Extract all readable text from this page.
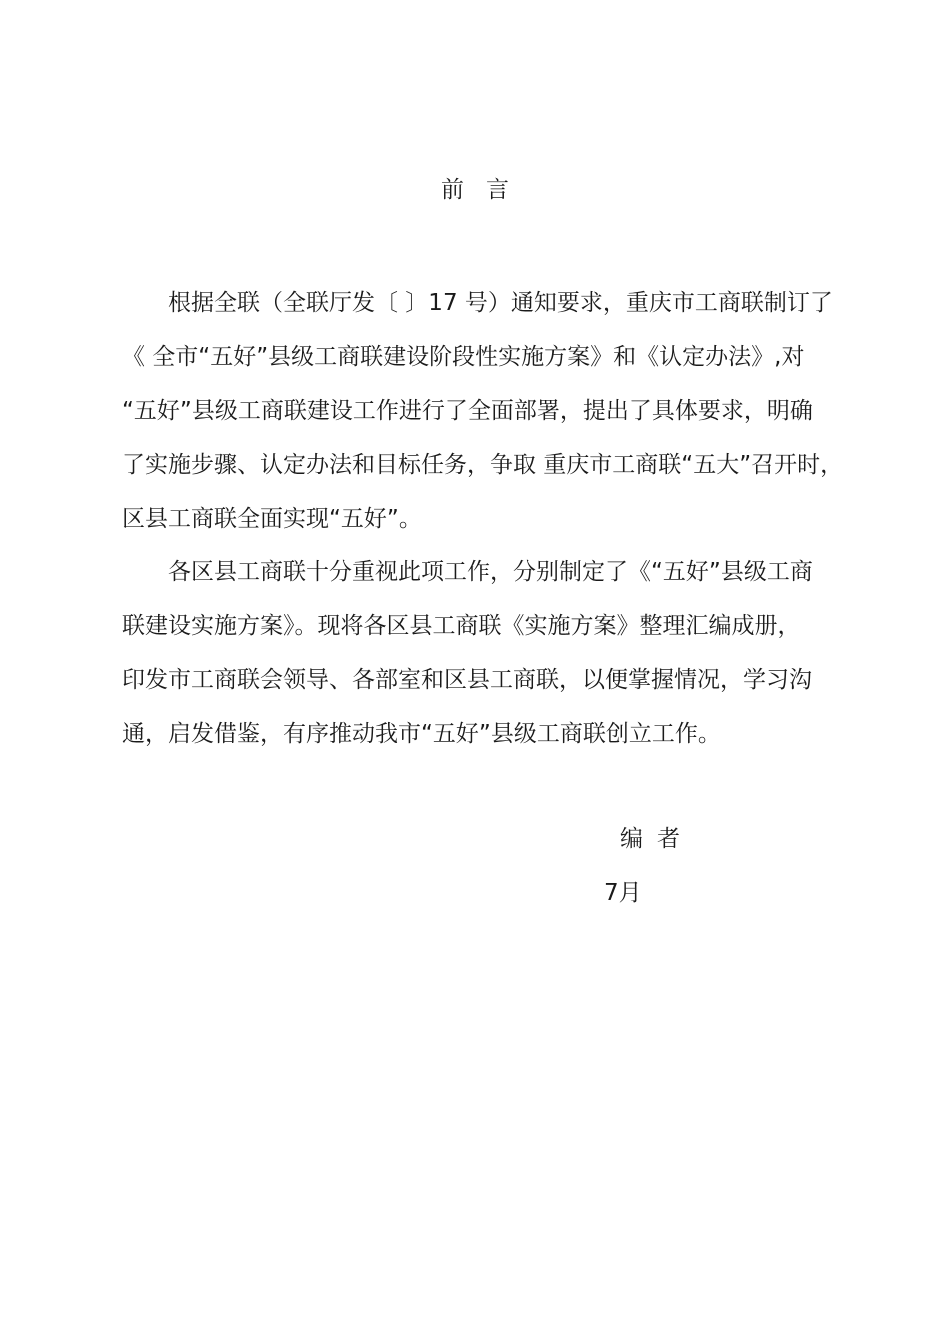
前言
根据全联（全联厅发〔 〕17 号）通知要求，重庆市工商联制订了
《 全市“五好”县级工商联建设阶段性实施方案》和《认定办法》,对
“五好”县级工商联建设工作进行了全面部署，提出了具体要求，明确
了实施步骤、认定办法和目标任务，争取 重庆市工商联“五大”召开时，
区县工商联全面实现“五好”。
各区县工商联十分重视此项工作，分别制定了《“五好”县级工商
联建设实施方案》。现将各区县工商联《实施方案》整理汇编成册，
印发市工商联会领导、各部室和区县工商联，以便掌握情况，学习沟
通，启发借鉴，有序推动我市“五好”县级工商联创立工作。
编者
7月
